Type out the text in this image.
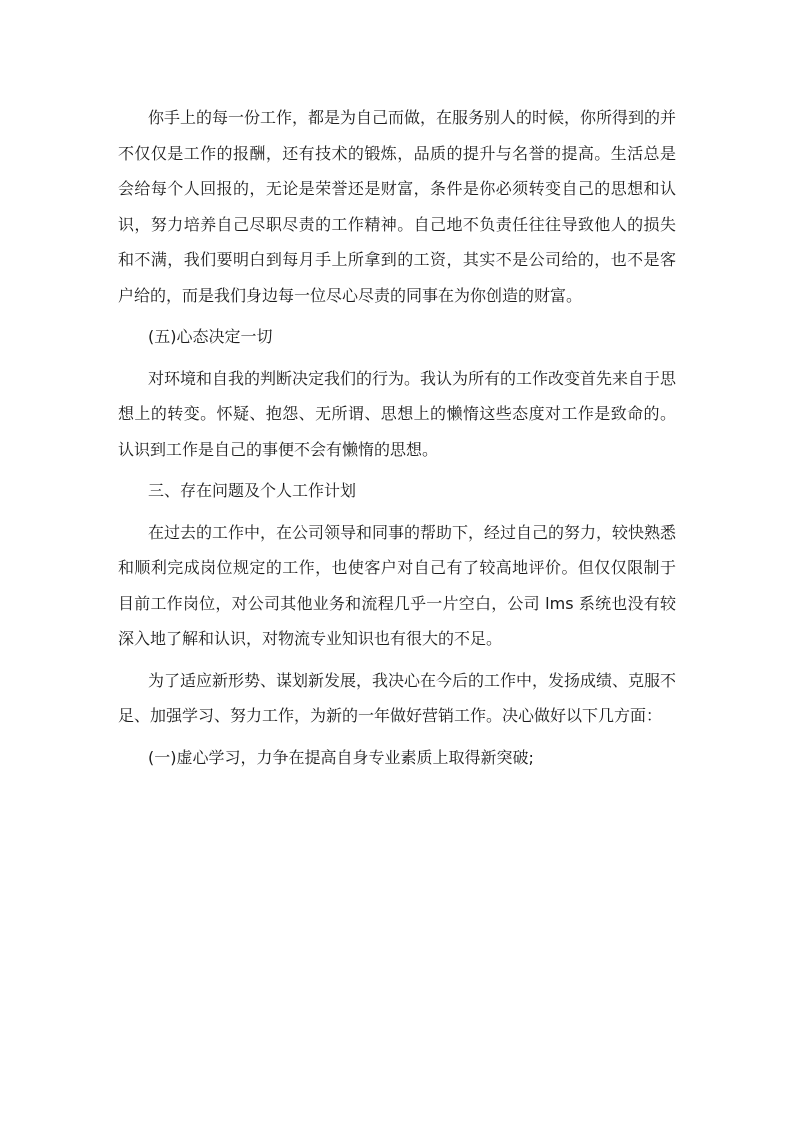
你手上的每一份工作，都是为自己而做，在服务别人的时候，你所得到的并不仅仅是工作的报酬，还有技术的锻炼，品质的提升与名誉的提高。生活总是会给每个人回报的，无论是荣誉还是财富，条件是你必须转变自己的思想和认识，努力培养自己尽职尽责的工作精神。自己地不负责任往往导致他人的损失和不满，我们要明白到每月手上所拿到的工资，其实不是公司给的，也不是客户给的，而是我们身边每一位尽心尽责的同事在为你创造的财富。

(五)心态决定一切

对环境和自我的判断决定我们的行为。我认为所有的工作改变首先来自于思想上的转变。怀疑、抱怨、无所谓、思想上的懒惰这些态度对工作是致命的。认识到工作是自己的事便不会有懒惰的思想。

三、存在问题及个人工作计划

在过去的工作中，在公司领导和同事的帮助下，经过自己的努力，较快熟悉和顺利完成岗位规定的工作，也使客户对自己有了较高地评价。但仅仅限制于目前工作岗位，对公司其他业务和流程几乎一片空白，公司 lms 系统也没有较深入地了解和认识，对物流专业知识也有很大的不足。

为了适应新形势、谋划新发展，我决心在今后的工作中，发扬成绩、克服不足、加强学习、努力工作，为新的一年做好营销工作。决心做好以下几方面：

(一)虚心学习，力争在提高自身专业素质上取得新突破;
